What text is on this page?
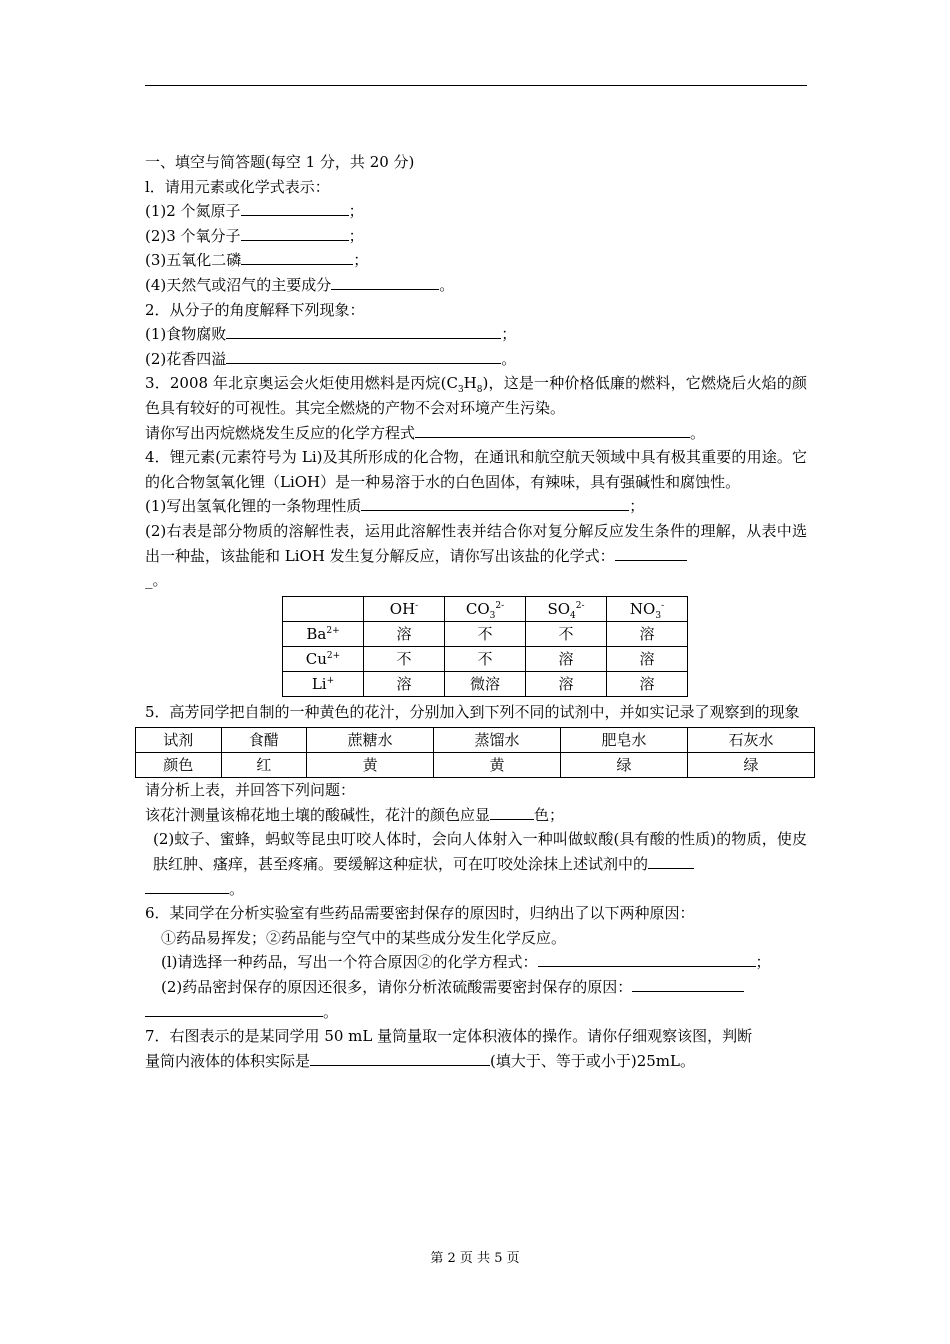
一、填空与简答题(每空 1 分，共 20 分)

l．请用元素或化学式表示：

(1)2 个氮原子	；

(2)3 个氧分子	；

(3)五氧化二磷	；

(4)天然气或沼气的主要成分	。

2．从分子的角度解释下列现象：

(1)食物腐败	；

(2)花香四溢	。

3．2008 年北京奥运会火炬使用燃料是丙烷$(C_3H_8)$，这是一种价格低廉的燃料，它燃烧后火焰的颜色具有较好的可视性。其完全燃烧的产物不会对环境产生污染。

请你写出丙烷燃烧发生反应的化学方程式	。

4．锂元素(元素符号为 Li)及其所形成的化合物，在通讯和航空航天领域中具有极其重要的用途。它的化合物氢氧化锂（LiOH）是一种易溶于水的白色固体，有辣味，具有强碱性和腐蚀性。

(1)写出氢氧化锂的一条物理性质	；

(2)右表是部分物质的溶解性表，运用此溶解性表并结合你对复分解反应发生条件的理解，从表中选出一种盐，该盐能和 LiOH 发生复分解反应，请你写出该盐的化学式：

_。

	OH-	$CO_3^{2-}$	$SO_4^{2-}$	$NO_3^-$
$Ba^{2+}$	溶	不	不	溶
$Cu^{2+}$	不	不	溶	溶
Li+	溶	微溶	溶	溶

5．高芳同学把自制的一种黄色的花汁，分别加入到下列不同的试剂中，并如实记录了观察到的现象

试剂	食醋	蔗糖水	蒸馏水	肥皂水	石灰水
颜色	红	黄	黄	绿	绿

请分析上表，并回答下列问题：

该花汁测量该棉花地土壤的酸碱性，花汁的颜色应显	色；

(2)蚊子、蜜蜂，蚂蚁等昆虫叮咬人体时，会向人体射入一种叫做蚁酸(具有酸的性质)的物质，使皮肤红肿、瘙痒，甚至疼痛。要缓解这种症状，可在叮咬处涂抹上述试剂中的

。

6．某同学在分析实验室有些药品需要密封保存的原因时，归纳出了以下两种原因：

①药品易挥发；②药品能与空气中的某些成分发生化学反应。

(l)请选择一种药品，写出一个符合原因②的化学方程式：	；

(2)药品密封保存的原因还很多，请你分析浓硫酸需要密封保存的原因：

。

7．右图表示的是某同学用 50 mL 量筒量取一定体积液体的操作。请你仔细观察该图，判断

量筒内液体的体积实际是	(填大于、等于或小于)25mL。

第 2 页 共 5 页
